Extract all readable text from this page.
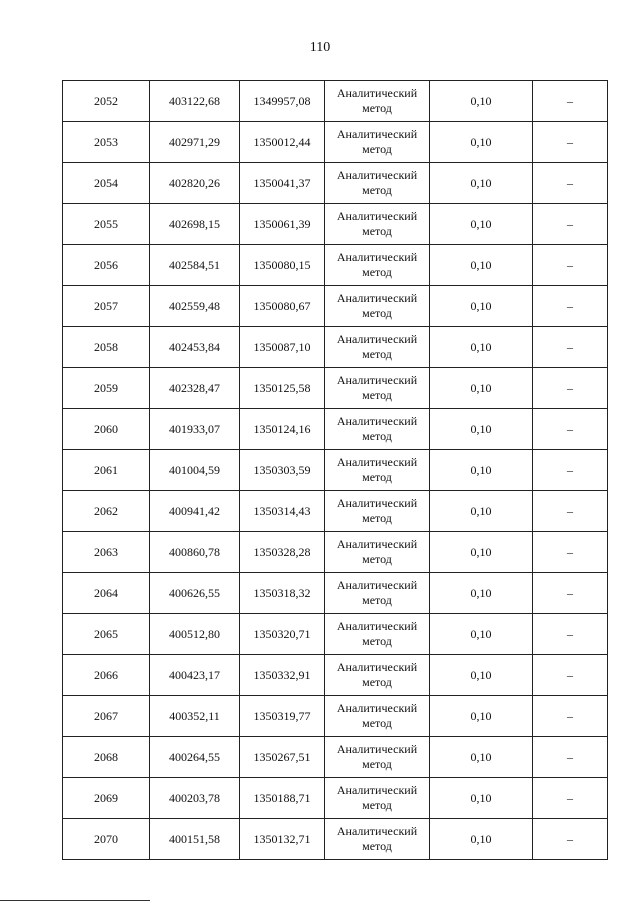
110
2052	403122,68	1349957,08	Аналитический метод	0,10	–
2053	402971,29	1350012,44	Аналитический метод	0,10	–
2054	402820,26	1350041,37	Аналитический метод	0,10	–
2055	402698,15	1350061,39	Аналитический метод	0,10	–
2056	402584,51	1350080,15	Аналитический метод	0,10	–
2057	402559,48	1350080,67	Аналитический метод	0,10	–
2058	402453,84	1350087,10	Аналитический метод	0,10	–
2059	402328,47	1350125,58	Аналитический метод	0,10	–
2060	401933,07	1350124,16	Аналитический метод	0,10	–
2061	401004,59	1350303,59	Аналитический метод	0,10	–
2062	400941,42	1350314,43	Аналитический метод	0,10	–
2063	400860,78	1350328,28	Аналитический метод	0,10	–
2064	400626,55	1350318,32	Аналитический метод	0,10	–
2065	400512,80	1350320,71	Аналитический метод	0,10	–
2066	400423,17	1350332,91	Аналитический метод	0,10	–
2067	400352,11	1350319,77	Аналитический метод	0,10	–
2068	400264,55	1350267,51	Аналитический метод	0,10	–
2069	400203,78	1350188,71	Аналитический метод	0,10	–
2070	400151,58	1350132,71	Аналитический метод	0,10	–
